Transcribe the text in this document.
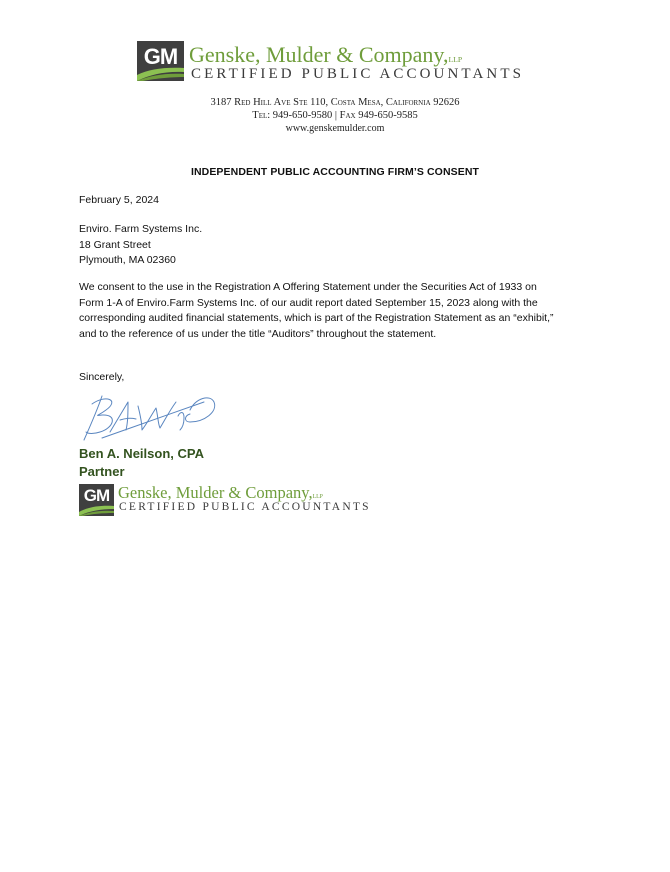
GM Genske, Mulder & Company,LLP
CERTIFIED PUBLIC ACCOUNTANTS
3187 Red Hill Ave Ste 110, Costa Mesa, California 92626
Tel: 949-650-9580 | Fax 949-650-9585
www.genskemulder.com
INDEPENDENT PUBLIC ACCOUNTING FIRM’S CONSENT
February 5, 2024
Enviro. Farm Systems Inc.
18 Grant Street
Plymouth, MA 02360
We consent to the use in the Registration A Offering Statement under the Securities Act of 1933 on
Form 1-A of Enviro.Farm Systems Inc. of our audit report dated September 15, 2023 along with the
corresponding audited financial statements, which is part of the Registration Statement as an “exhibit,”
and to the reference of us under the title “Auditors” throughout the statement.
Sincerely,
Ben A. Neilson, CPA
Partner
GM Genske, Mulder & Company,LLP
CERTIFIED PUBLIC ACCOUNTANTS
